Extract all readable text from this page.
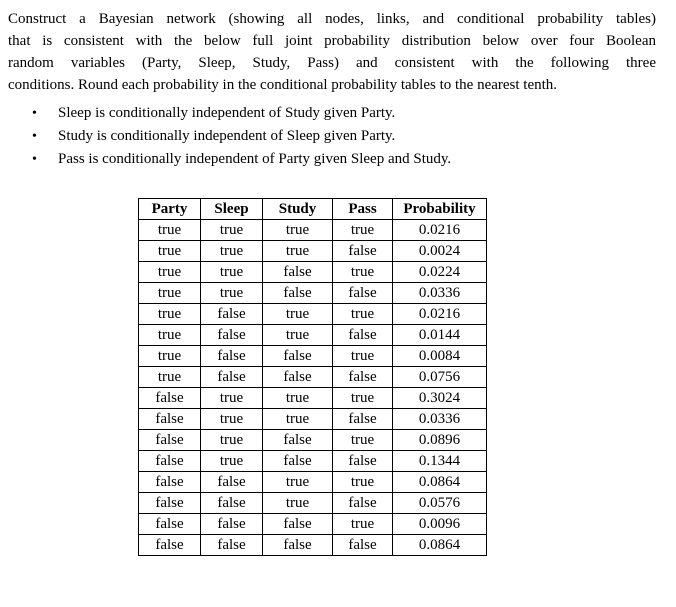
Construct a Bayesian network (showing all nodes, links, and conditional probability tables)
that is consistent with the below full joint probability distribution below over four Boolean
random variables (Party, Sleep, Study, Pass) and consistent with the following three
conditions. Round each probability in the conditional probability tables to the nearest tenth.
• Sleep is conditionally independent of Study given Party.
• Study is conditionally independent of Sleep given Party.
• Pass is conditionally independent of Party given Sleep and Study.
Party	Sleep	Study	Pass	Probability
true	true	true	true	0.0216
true	true	true	false	0.0024
true	true	false	true	0.0224
true	true	false	false	0.0336
true	false	true	true	0.0216
true	false	true	false	0.0144
true	false	false	true	0.0084
true	false	false	false	0.0756
false	true	true	true	0.3024
false	true	true	false	0.0336
false	true	false	true	0.0896
false	true	false	false	0.1344
false	false	true	true	0.0864
false	false	true	false	0.0576
false	false	false	true	0.0096
false	false	false	false	0.0864
